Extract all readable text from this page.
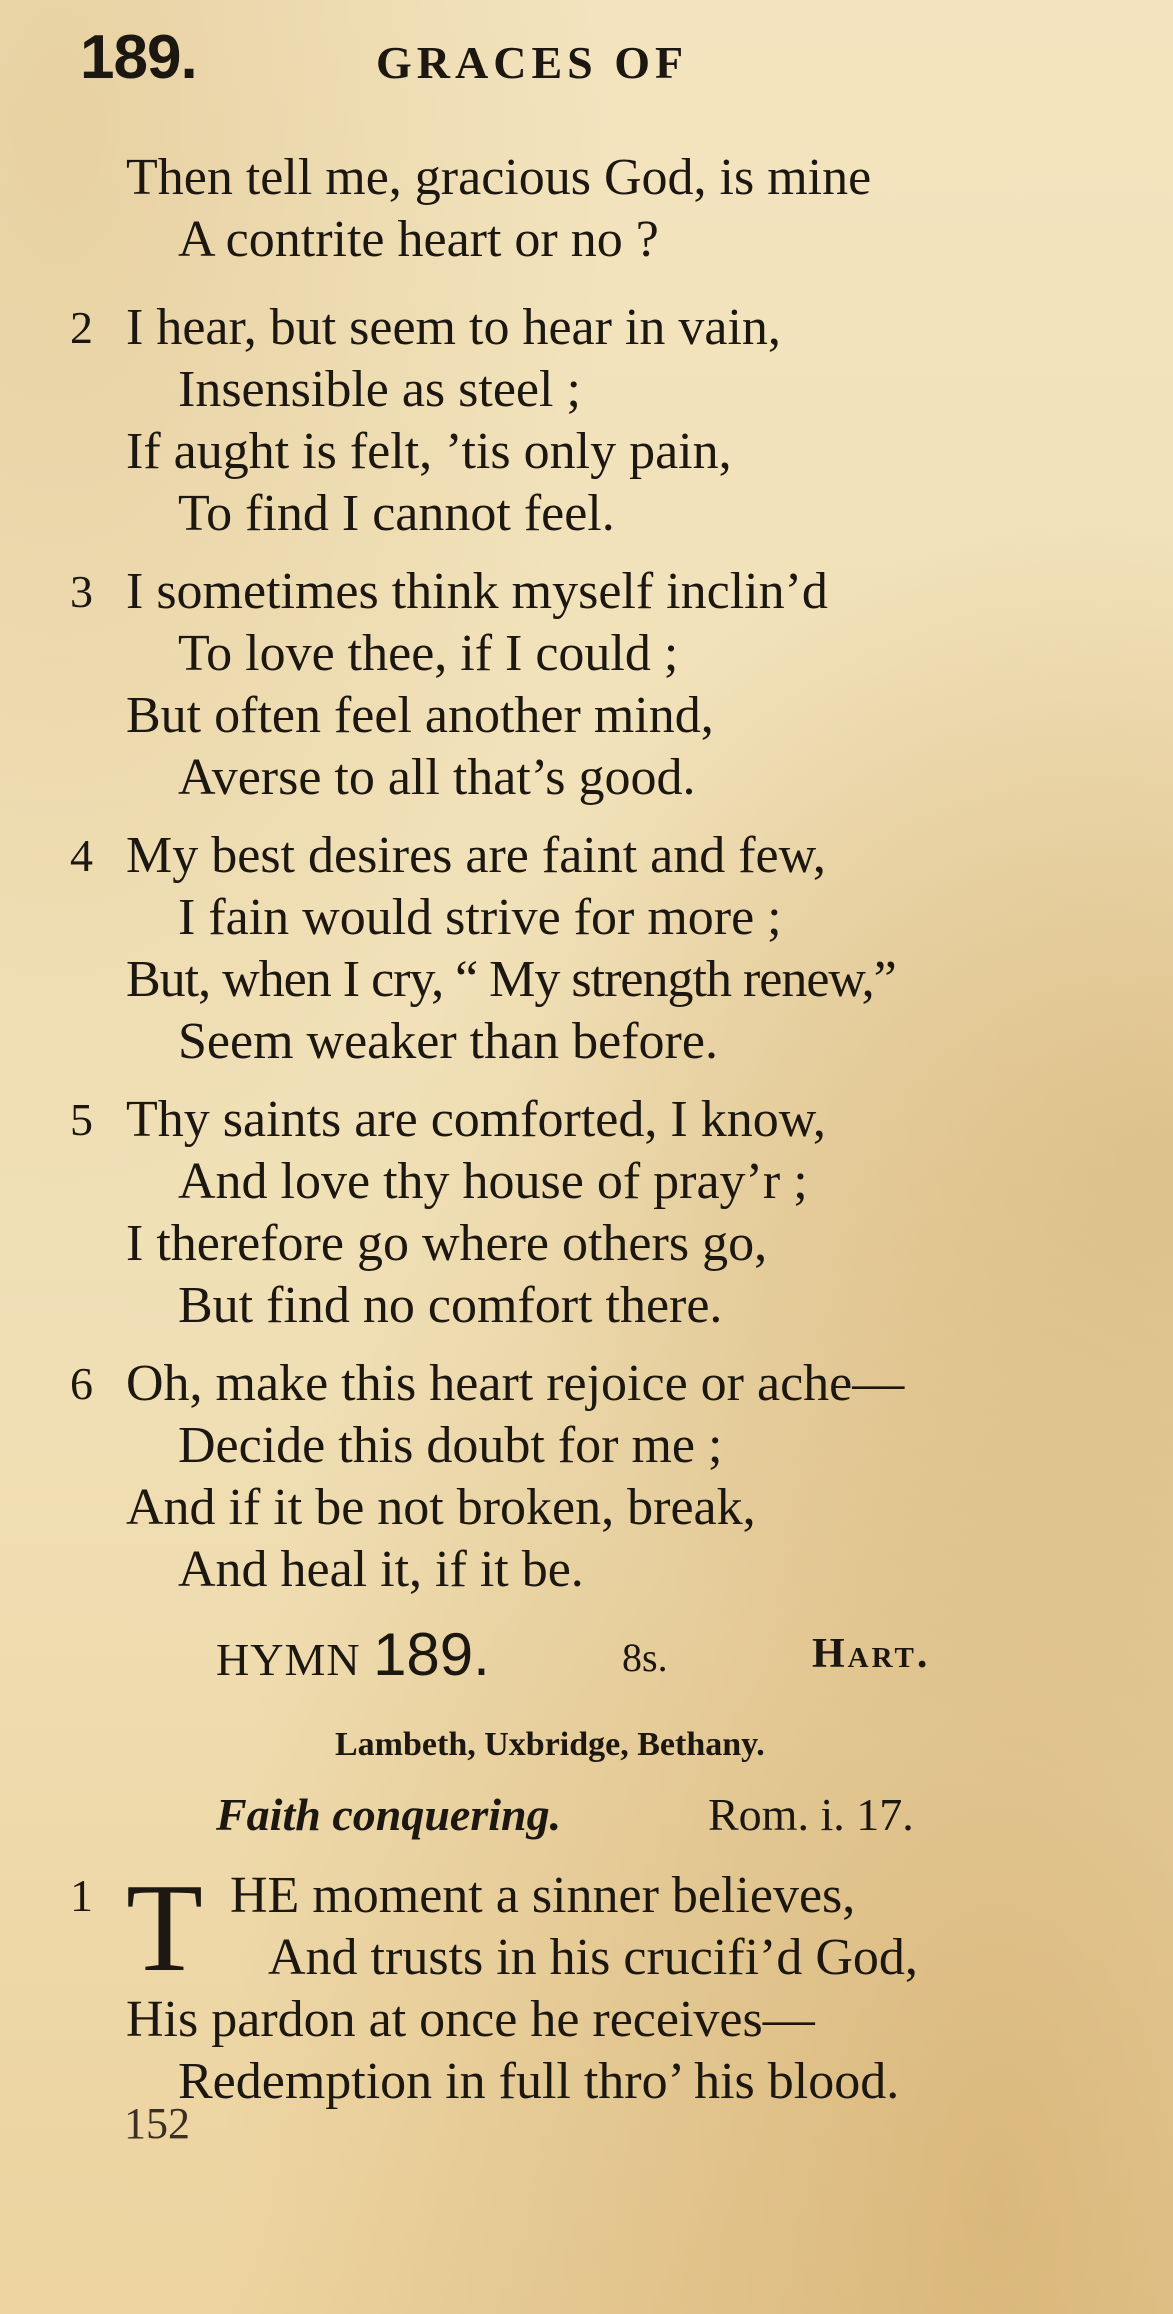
189.	GRACES OF
Then tell me, gracious God, is mine
A contrite heart or no ?
2 I hear, but seem to hear in vain,
Insensible as steel ;
If aught is felt, ’tis only pain,
To find I cannot feel.
3 I sometimes think myself inclin’d
To love thee, if I could ;
But often feel another mind,
Averse to all that’s good.
4 My best desires are faint and few,
I fain would strive for more ;
But, when I cry, “ My strength renew,”
Seem weaker than before.
5 Thy saints are comforted, I know,
And love thy house of pray’r ;
I therefore go where others go,
But find no comfort there.
6 Oh, make this heart rejoice or ache—
Decide this doubt for me ;
And if it be not broken, break,
And heal it, if it be.
HYMN 189.	8s.	Hart.
Lambeth, Uxbridge, Bethany.
Faith conquering.	Rom. i. 17.
1	HE moment a sinner believes,
And trusts in his crucifi’d God,
His pardon at once he receives—
Redemption in full thro’ his blood.
T
152
